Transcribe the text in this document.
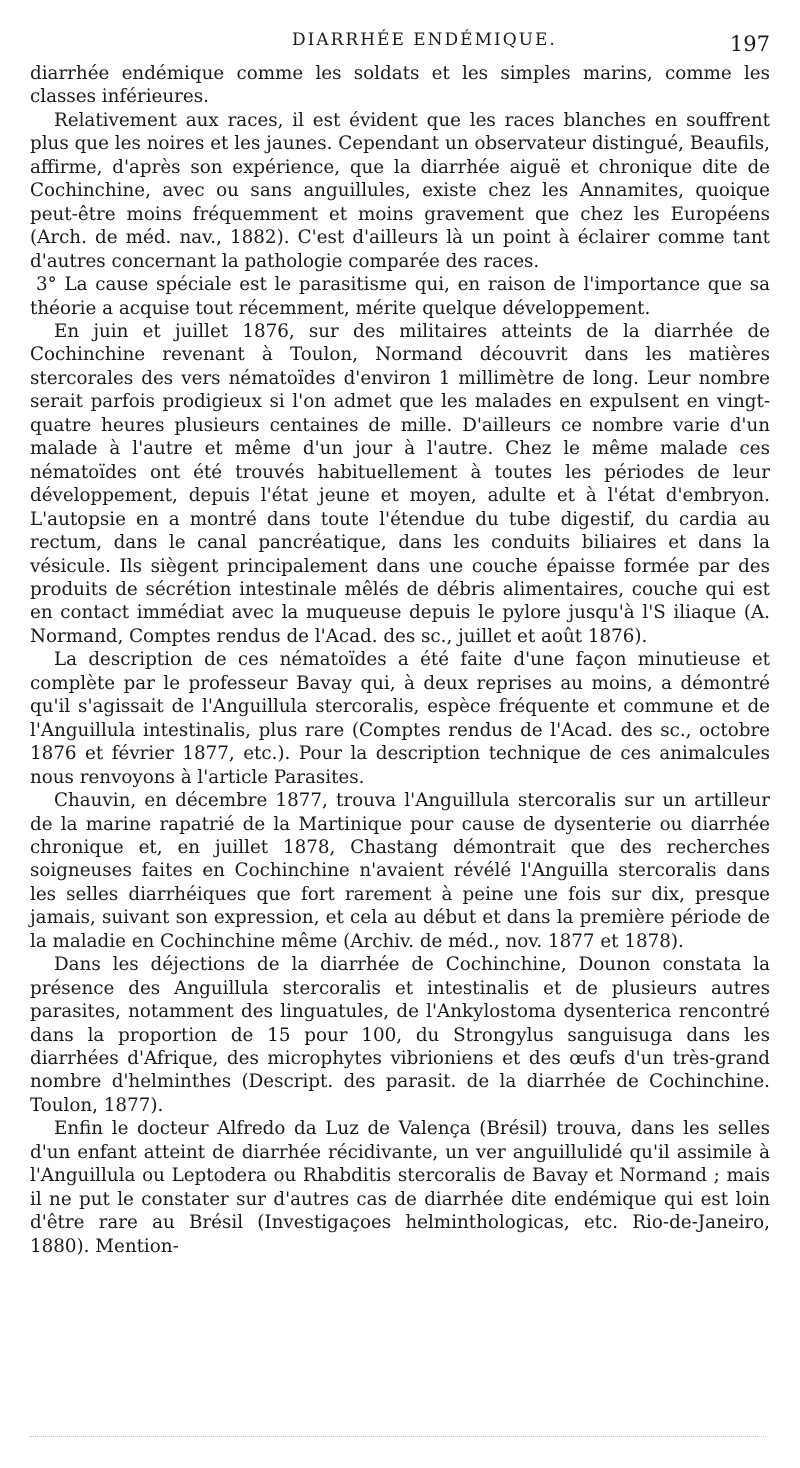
DIARRHÉE ENDÉMIQUE.	197

diarrhée endémique comme les soldats et les simples marins, comme les classes inférieures.

Relativement aux races, il est évident que les races blanches en souffrent plus que les noires et les jaunes. Cependant un observateur distingué, Beaufils, affirme, d'après son expérience, que la diarrhée aiguë et chronique dite de Cochinchine, avec ou sans anguillules, existe chez les Annamites, quoique peut-être moins fréquemment et moins gravement que chez les Européens (Arch. de méd. nav., 1882). C'est d'ailleurs là un point à éclairer comme tant d'autres concernant la pathologie comparée des races.

3° La cause spéciale est le parasitisme qui, en raison de l'importance que sa théorie a acquise tout récemment, mérite quelque développement.

En juin et juillet 1876, sur des militaires atteints de la diarrhée de Cochinchine revenant à Toulon, Normand découvrit dans les matières stercorales des vers nématoïdes d'environ 1 millimètre de long. Leur nombre serait parfois prodigieux si l'on admet que les malades en expulsent en vingt-quatre heures plusieurs centaines de mille. D'ailleurs ce nombre varie d'un malade à l'autre et même d'un jour à l'autre. Chez le même malade ces nématoïdes ont été trouvés habituellement à toutes les périodes de leur développement, depuis l'état jeune et moyen, adulte et à l'état d'embryon. L'autopsie en a montré dans toute l'étendue du tube digestif, du cardia au rectum, dans le canal pancréatique, dans les conduits biliaires et dans la vésicule. Ils siègent principalement dans une couche épaisse formée par des produits de sécrétion intestinale mêlés de débris alimentaires, couche qui est en contact immédiat avec la muqueuse depuis le pylore jusqu'à l'S iliaque (A. Normand, Comptes rendus de l'Acad. des sc., juillet et août 1876).

La description de ces nématoïdes a été faite d'une façon minutieuse et complète par le professeur Bavay qui, à deux reprises au moins, a démontré qu'il s'agissait de l'Anguillula stercoralis, espèce fréquente et commune et de l'Anguillula intestinalis, plus rare (Comptes rendus de l'Acad. des sc., octobre 1876 et février 1877, etc.). Pour la description technique de ces animalcules nous renvoyons à l'article Parasites.

Chauvin, en décembre 1877, trouva l'Anguillula stercoralis sur un artilleur de la marine rapatrié de la Martinique pour cause de dysenterie ou diarrhée chronique et, en juillet 1878, Chastang démontrait que des recherches soigneuses faites en Cochinchine n'avaient révélé l'Anguilla stercoralis dans les selles diarrhéiques que fort rarement à peine une fois sur dix, presque jamais, suivant son expression, et cela au début et dans la première période de la maladie en Cochinchine même (Archiv. de méd., nov. 1877 et 1878).

Dans les déjections de la diarrhée de Cochinchine, Dounon constata la présence des Anguillula stercoralis et intestinalis et de plusieurs autres parasites, notamment des linguatules, de l'Ankylostoma dysenterica rencontré dans la proportion de 15 pour 100, du Strongylus sanguisuga dans les diarrhées d'Afrique, des microphytes vibrioniens et des œufs d'un très-grand nombre d'helminthes (Descript. des parasit. de la diarrhée de Cochinchine. Toulon, 1877).

Enfin le docteur Alfredo da Luz de Valença (Brésil) trouva, dans les selles d'un enfant atteint de diarrhée récidivante, un ver anguillulidé qu'il assimile à l'Anguillula ou Leptodera ou Rhabditis stercoralis de Bavay et Normand ; mais il ne put le constater sur d'autres cas de diarrhée dite endémique qui est loin d'être rare au Brésil (Investigaçoes helminthologicas, etc. Rio-de-Janeiro, 1880). Mention-
